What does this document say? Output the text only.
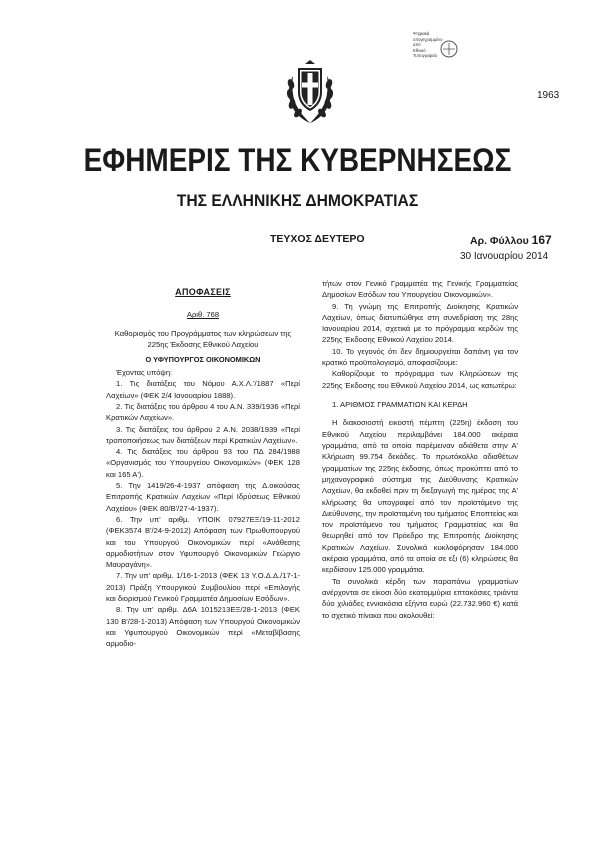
Ψηφιακά
υπογεγραμμένο
από
Εθνικό
Τυπογραφείο
1963
ΕΦΗΜΕΡΙΣ ΤΗΣ ΚΥΒΕΡΝΗΣΕΩΣ
ΤΗΣ ΕΛΛΗΝΙΚΗΣ ΔΗΜΟΚΡΑΤΙΑΣ
ΤΕΥΧΟΣ ΔΕΥΤΕΡΟ	Αρ. Φύλλου 167
30 Ιανουαρίου 2014

ΑΠΟΦΑΣΕΙΣ

Αριθ. 768

Καθορισμός του Προγράμματος των κληρώσεων της 225ης Έκδοσης Εθνικού Λαχείου

Ο ΥΦΥΠΟΥΡΓΟΣ ΟΙΚΟΝΟΜΙΚΩΝ

Έχοντας υπόψη:

1. Τις διατάξεις του Νόμου Α.Χ.Λ.'/1887 «Περί Λαχείων» (ΦΕΚ 2/4 Ιανουαρίου 1888).

2. Τις διατάξεις του άρθρου 4 του Α.Ν. 339/1936 «Περί Κρατικών Λαχείων».

3. Τις διατάξεις του άρθρου 2 Α.Ν. 2038/1939 «Περί τροποποιήσεως των διατάξεων περί Κρατικών Λαχείων».

4. Τις διατάξεις του άρθρου 93 του ΠΔ 284/1988 «Οργανισμός του Υπουργείου Οικονομικών» (ΦΕΚ 128 και 165 Α').

5. Την 1419/26-4-1937 απόφαση της Δ.οικούσας Επιτροπής Κρατικών Λαχείων «Περί Ιδρύσεως Εθνικού Λαχείου» (ΦΕΚ 80/Β'/27-4-1937).

6. Την υπ' αριθμ. ΥΠΟΙΚ 07927ΕΞ/19-11-2012 (ΦΕΚ3574 Β'/24-9-2012) Απόφαση των Πρωθυπουργού και του Υπουργού Οικονομικών περί «Ανάθεσης αρμοδιοτήτων στον Υφυπουργό Οικονομικών Γεώργιο Μαυραγάνη».

7. Την υπ' αριθμ. 1/16-1-2013 (ΦΕΚ 13 Υ.Ο.Δ.Δ./17-1-2013) Πράξη Υπουργικού Συμβουλίου περί «Επιλογής και διορισμού Γενικού Γραμματέα Δημοσίων Εσόδων».

8. Την υπ' αριθμ. Δ6Α 1015213ΕΞ/28-1-2013 (ΦΕΚ 130 Β'/28-1-2013) Απόφαση των Υπουργού Οικονομικών και Υφυπουργού Οικονομικών περί «Μεταβίβασης αρμοδιο-

τήτων στον Γενικό Γραμματέα της Γενικής Γραμματείας Δημοσίων Εσόδων του Υπουργείου Οικονομικών».

9. Τη γνώμη της Επιτροπής Διοίκησης Κρατικών Λαχείων, όπως διατυπώθηκε στη συνεδρίαση της 28ης Ιανουαρίου 2014, σχετικά με το πρόγραμμα κερδών της 225ης Έκδοσης Εθνικού Λαχείου 2014.

10. Το γεγονός ότι δεν δημιουργείται δαπάνη για τον κρατικό προϋπολογισμό, αποφασίζουμε:

Καθορίζουμε το πρόγραμμα των Κληρώσεων της 225ης Έκδοσης του Εθνικού Λαχείου 2014, ως κατωτέρω:

1. ΑΡΙΘΜΟΣ ΓΡΑΜΜΑΤΙΩΝ ΚΑΙ ΚΕΡΔΗ

Η διακοσιοστή εικοστή πέμπτη (225η) έκδοση του Εθνικού Λαχείου περιλαμβάνει 184.000 ακέραια γραμμάτια, από τα οποία παρέμειναν αδιάθετα στην Α' Κλήρωση 99.754 δεκάδες. Το πρωτόκολλο αδιαθέτων γραμματίων της 225ης έκδοσης, όπως προκύπτει από το μηχανογραφικό σύστημα της Διεύθυνσης Κρατικών Λαχείων, θα εκδοθεί πριν τη διεξαγωγή της ημέρας της Α' κλήρωσης θα υπογραφεί από τον προϊστάμενο της Διεύθυνσης, την προϊσταμένη του τμήματος Εποπτείας και τον προϊστάμενο του τμήματος Γραμματείας και θα θεωρηθεί από τον Πρόεδρο της Επιτροπής Διοίκησης Κρατικών Λαχείων. Συνολικά κυκλοφόρησαν 184.000 ακέραια γραμμάτια, από τα οποία σε εξι (6) κληρώσεις θα κερδίσουν 125.000 γραμμάτια.

Τα συνολικά κέρδη των παραπάνω γραμματίων ανέρχονται σε είκοσι δύο εκατομμύρια επτακόσιες τριάντα δύο χιλιάδες εννιακόσια εξήντα ευρώ (22.732.960 €) κατά το σχετικό πίνακα που ακολουθεί:
